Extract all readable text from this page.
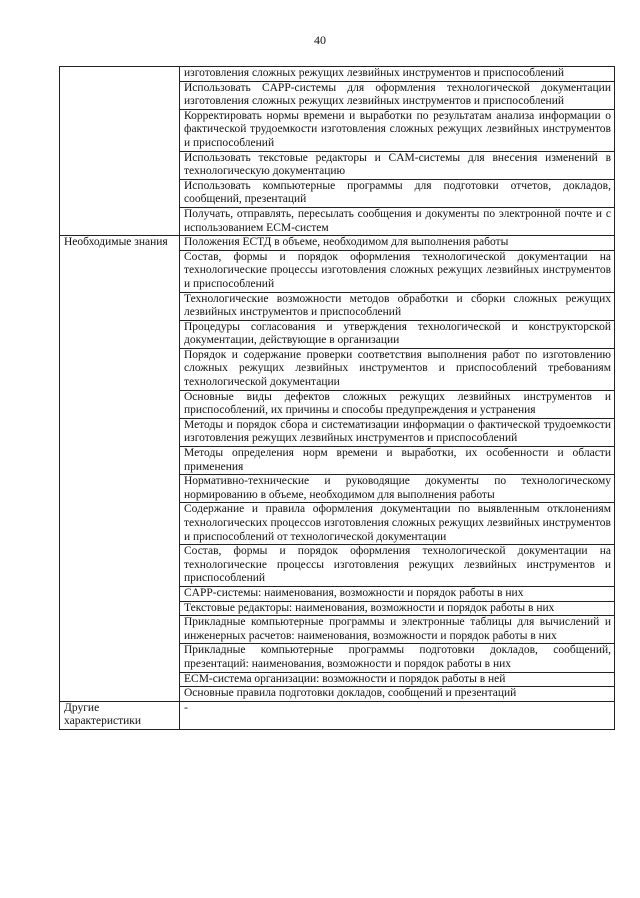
40
	изготовления сложных режущих лезвийных инструментов и приспособлений
	Использовать CAPP-системы для оформления технологической документации изготовления сложных режущих лезвийных инструментов и приспособлений
	Корректировать нормы времени и выработки по результатам анализа информации о фактической трудоемкости изготовления сложных режущих лезвийных инструментов и приспособлений
	Использовать текстовые редакторы и CAM-системы для внесения изменений в технологическую документацию
	Использовать компьютерные программы для подготовки отчетов, докладов, сообщений, презентаций
	Получать, отправлять, пересылать сообщения и документы по электронной почте и с использованием ECM-систем
Необходимые знания	Положения ЕСТД в объеме, необходимом для выполнения работы
	Состав, формы и порядок оформления технологической документации на технологические процессы изготовления сложных режущих лезвийных инструментов и приспособлений
	Технологические возможности методов обработки и сборки сложных режущих лезвийных инструментов и приспособлений
	Процедуры согласования и утверждения технологической и конструкторской документации, действующие в организации
	Порядок и содержание проверки соответствия выполнения работ по изготовлению сложных режущих лезвийных инструментов и приспособлений требованиям технологической документации
	Основные виды дефектов сложных режущих лезвийных инструментов и приспособлений, их причины и способы предупреждения и устранения
	Методы и порядок сбора и систематизации информации о фактической трудоемкости изготовления режущих лезвийных инструментов и приспособлений
	Методы определения норм времени и выработки, их особенности и области применения
	Нормативно-технические и руководящие документы по технологическому нормированию в объеме, необходимом для выполнения работы
	Содержание и правила оформления документации по выявленным отклонениям технологических процессов изготовления сложных режущих лезвийных инструментов и приспособлений от технологической документации
	Состав, формы и порядок оформления технологической документации на технологические процессы изготовления режущих лезвийных инструментов и приспособлений
	CAPP-системы: наименования, возможности и порядок работы в них
	Текстовые редакторы: наименования, возможности и порядок работы в них
	Прикладные компьютерные программы и электронные таблицы для вычислений и инженерных расчетов: наименования, возможности и порядок работы в них
	Прикладные компьютерные программы подготовки докладов, сообщений, презентаций: наименования, возможности и порядок работы в них
	ECM-система организации: возможности и порядок работы в ней
	Основные правила подготовки докладов, сообщений и презентаций
Другие характеристики	-
